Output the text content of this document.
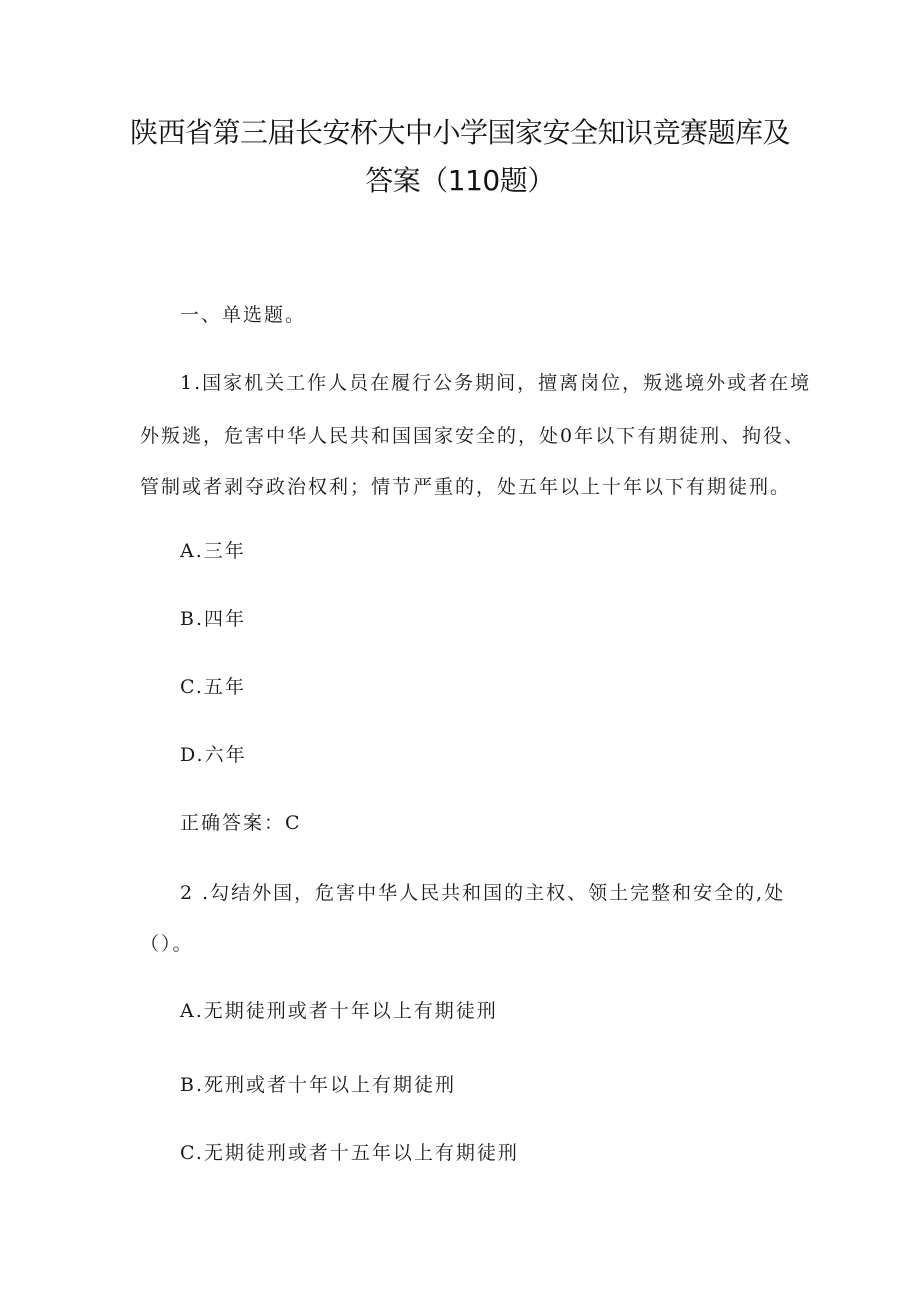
陕西省第三届长安杯大中小学国家安全知识竞赛题库及
答案（110题）
一、单选题。
1.国家机关工作人员在履行公务期间，擅离岗位，叛逃境外或者在境
外叛逃，危害中华人民共和国国家安全的，处0年以下有期徒刑、拘役、
管制或者剥夺政治权利；情节严重的，处五年以上十年以下有期徒刑。
A.三年
B.四年
C.五年
D.六年
正确答案：C
2 .勾结外国，危害中华人民共和国的主权、领土完整和安全的,处
（）。
A.无期徒刑或者十年以上有期徒刑
B.死刑或者十年以上有期徒刑
C.无期徒刑或者十五年以上有期徒刑
